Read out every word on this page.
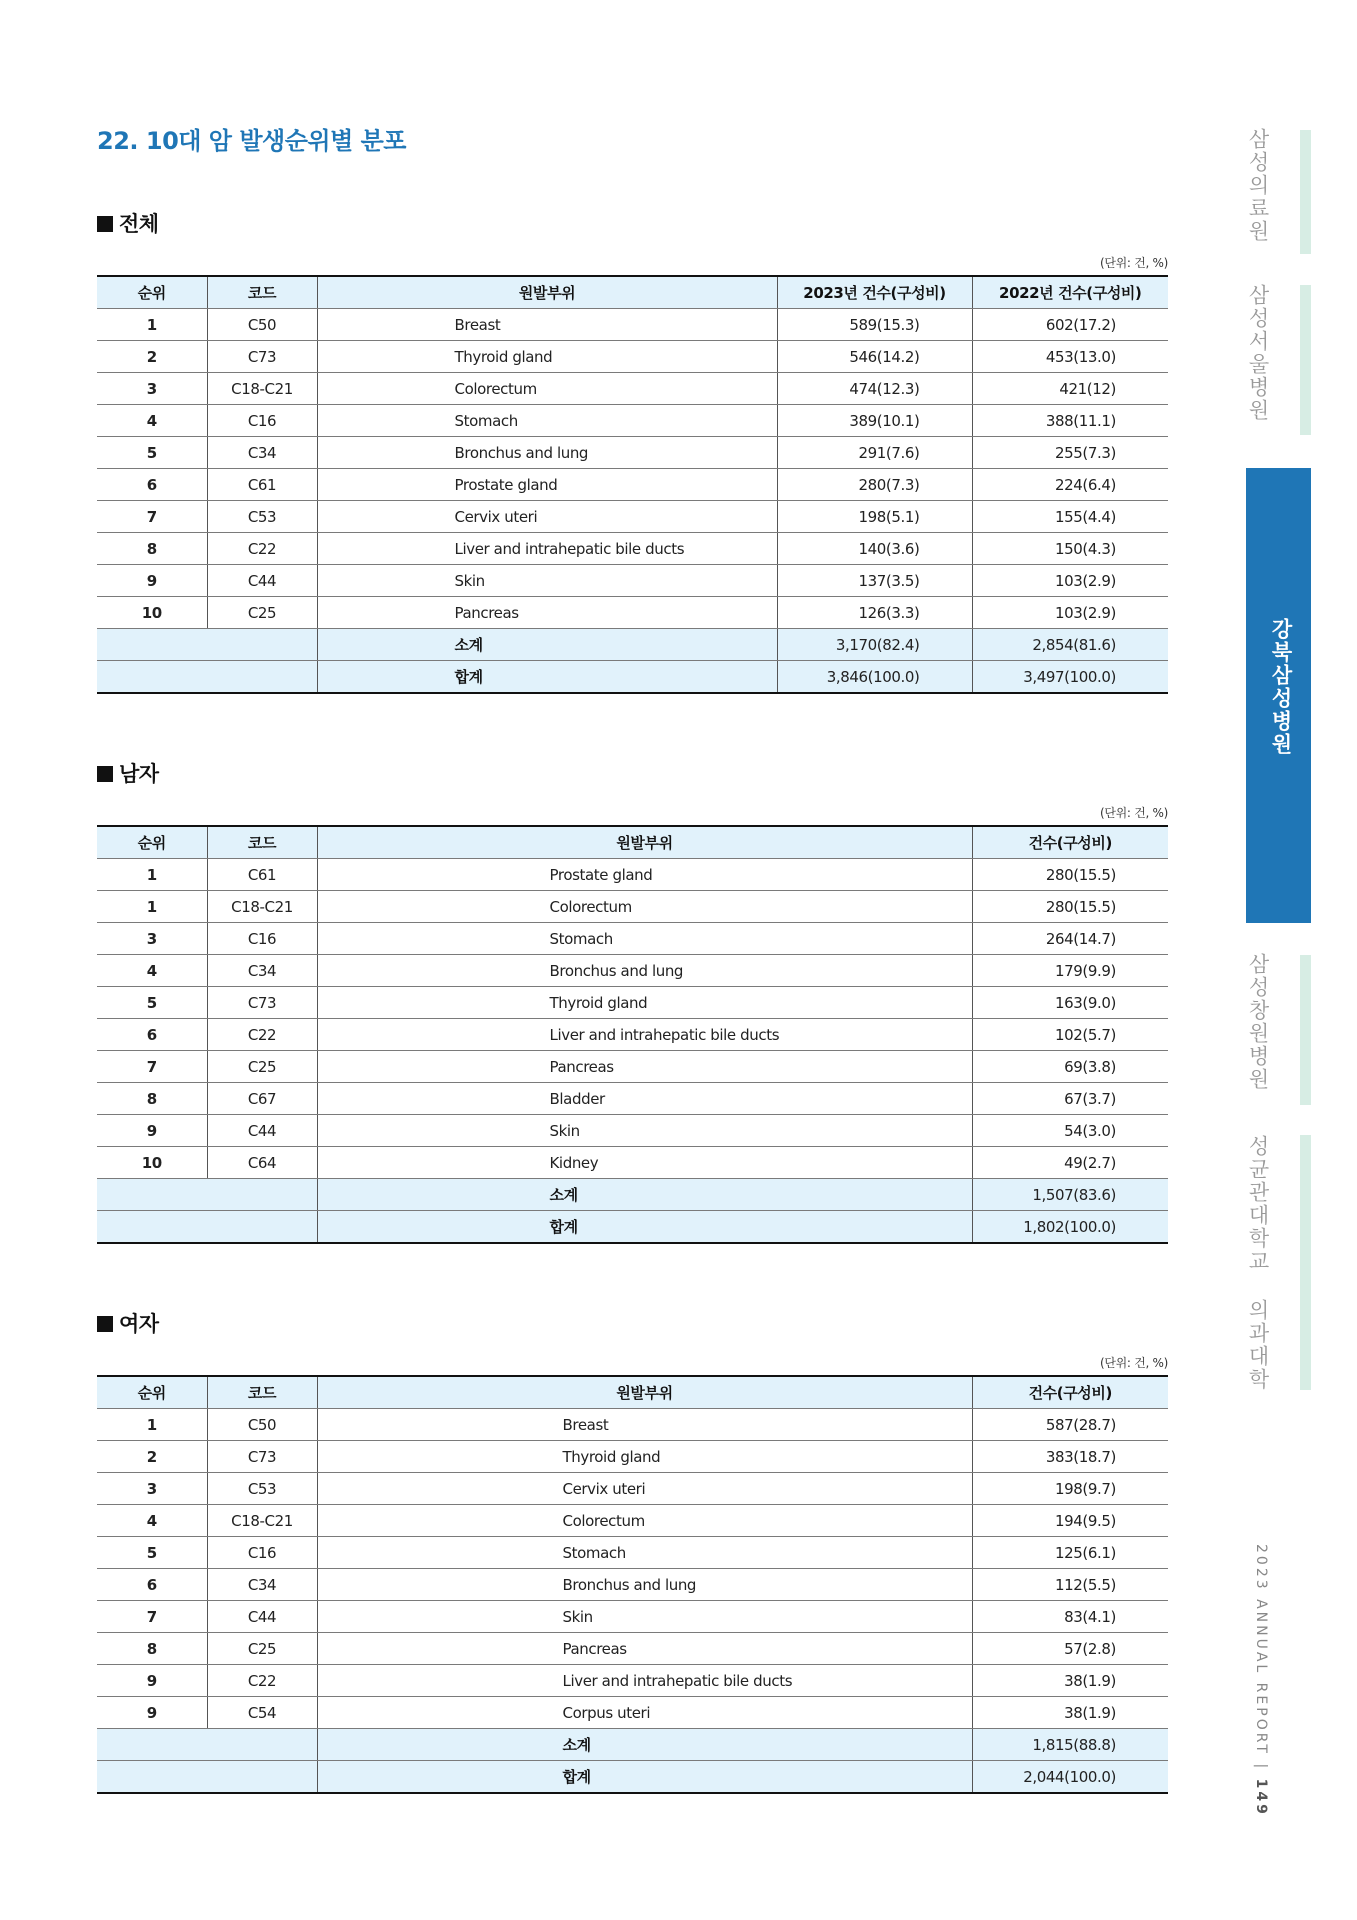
22. 10대 암 발생순위별 분포
전체
(단위: 건, %)
순위	코드	원발부위	2023년 건수(구성비)	2022년 건수(구성비)
1	C50	Breast	589(15.3)	602(17.2)
2	C73	Thyroid gland	546(14.2)	453(13.0)
3	C18-C21	Colorectum	474(12.3)	421(12)
4	C16	Stomach	389(10.1)	388(11.1)
5	C34	Bronchus and lung	291(7.6)	255(7.3)
6	C61	Prostate gland	280(7.3)	224(6.4)
7	C53	Cervix uteri	198(5.1)	155(4.4)
8	C22	Liver and intrahepatic bile ducts	140(3.6)	150(4.3)
9	C44	Skin	137(3.5)	103(2.9)
10	C25	Pancreas	126(3.3)	103(2.9)
		소계	3,170(82.4)	2,854(81.6)
		합계	3,846(100.0)	3,497(100.0)
남자
(단위: 건, %)
순위	코드	원발부위	건수(구성비)
1	C61	Prostate gland	280(15.5)
1	C18-C21	Colorectum	280(15.5)
3	C16	Stomach	264(14.7)
4	C34	Bronchus and lung	179(9.9)
5	C73	Thyroid gland	163(9.0)
6	C22	Liver and intrahepatic bile ducts	102(5.7)
7	C25	Pancreas	69(3.8)
8	C67	Bladder	67(3.7)
9	C44	Skin	54(3.0)
10	C64	Kidney	49(2.7)
		소계	1,507(83.6)
		합계	1,802(100.0)
여자
(단위: 건, %)
순위	코드	원발부위	건수(구성비)
1	C50	Breast	587(28.7)
2	C73	Thyroid gland	383(18.7)
3	C53	Cervix uteri	198(9.7)
4	C18-C21	Colorectum	194(9.5)
5	C16	Stomach	125(6.1)
6	C34	Bronchus and lung	112(5.5)
7	C44	Skin	83(4.1)
8	C25	Pancreas	57(2.8)
9	C22	Liver and intrahepatic bile ducts	38(1.9)
9	C54	Corpus uteri	38(1.9)
		소계	1,815(88.8)
		합계	2,044(100.0)
삼성의료원
삼성서울병원
강북삼성병원
삼성창원병원
성균관대학교 의과대학
2023 ANNUAL REPORT | 149
